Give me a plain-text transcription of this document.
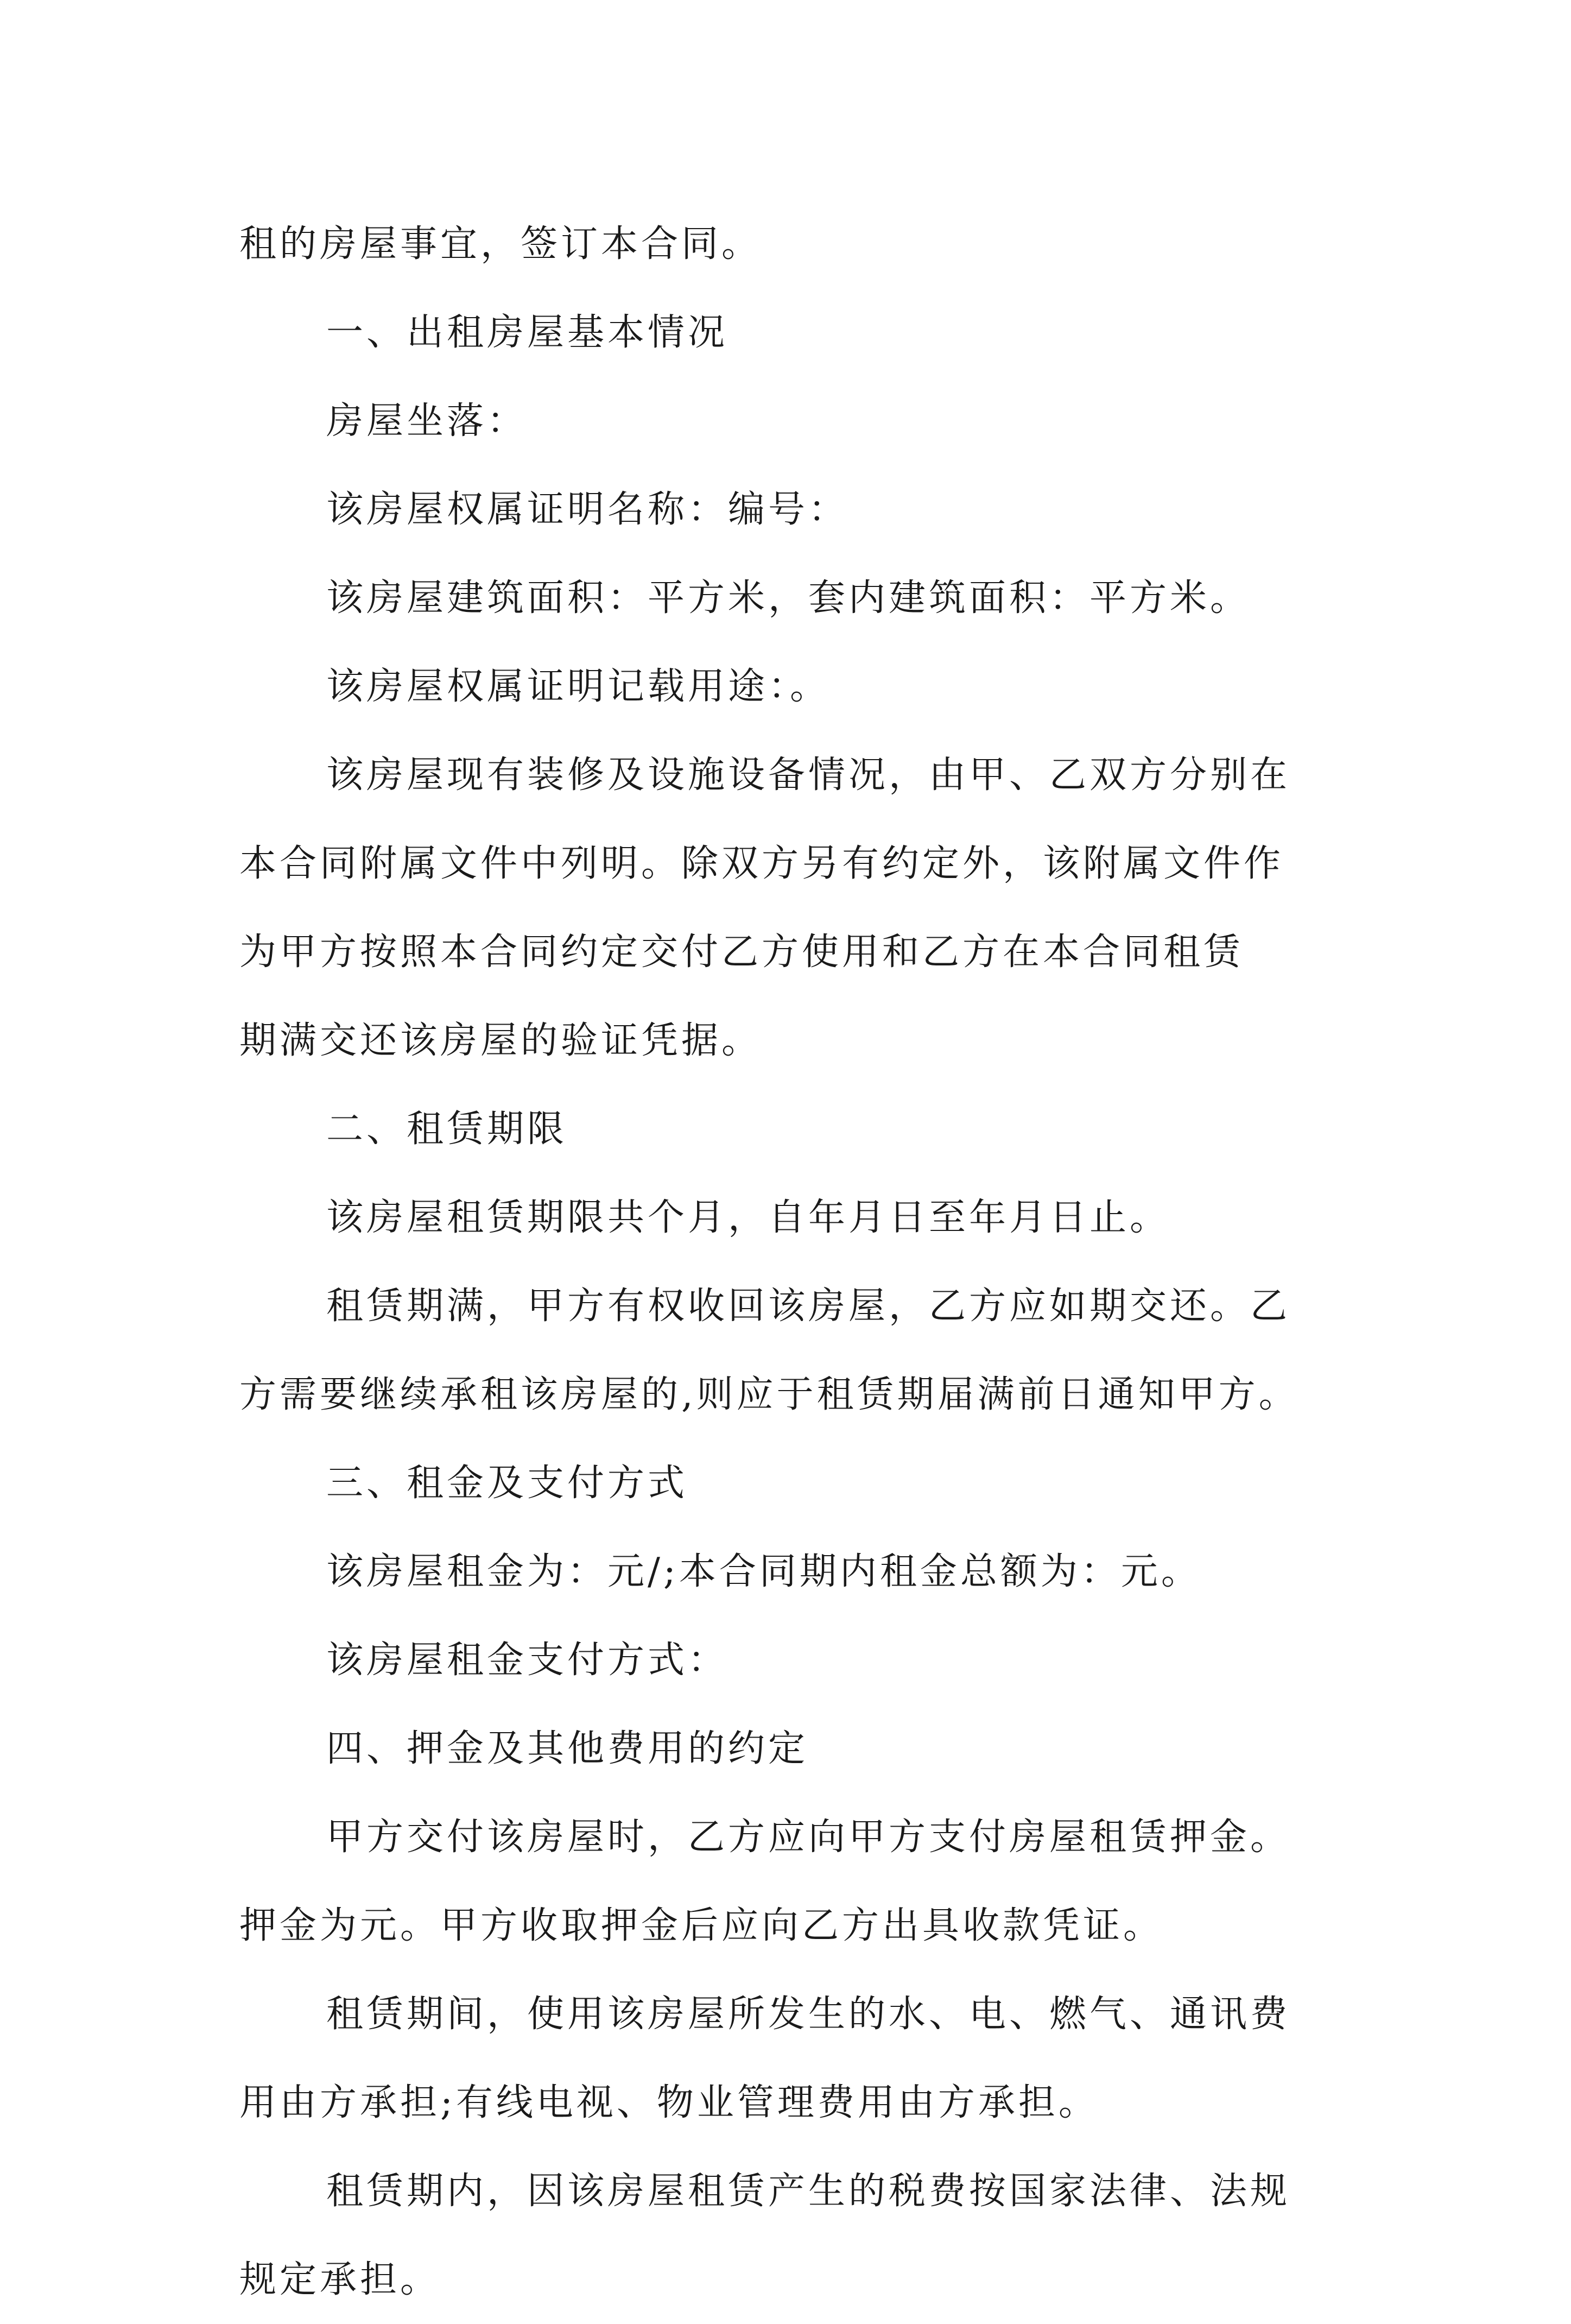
租的房屋事宜，签订本合同。

一、出租房屋基本情况

房屋坐落：

该房屋权属证明名称：编号：

该房屋建筑面积：平方米，套内建筑面积：平方米。

该房屋权属证明记载用途：。

该房屋现有装修及设施设备情况，由甲、乙双方分别在

本合同附属文件中列明。除双方另有约定外，该附属文件作

为甲方按照本合同约定交付乙方使用和乙方在本合同租赁

期满交还该房屋的验证凭据。

二、租赁期限

该房屋租赁期限共个月，自年月日至年月日止。

租赁期满，甲方有权收回该房屋，乙方应如期交还。乙

方需要继续承租该房屋的,则应于租赁期届满前日通知甲方。

三、租金及支付方式

该房屋租金为：元/;本合同期内租金总额为：元。

该房屋租金支付方式：

四、押金及其他费用的约定

甲方交付该房屋时，乙方应向甲方支付房屋租赁押金。

押金为元。甲方收取押金后应向乙方出具收款凭证。

租赁期间，使用该房屋所发生的水、电、燃气、通讯费

用由方承担;有线电视、物业管理费用由方承担。

租赁期内，因该房屋租赁产生的税费按国家法律、法规

规定承担。
